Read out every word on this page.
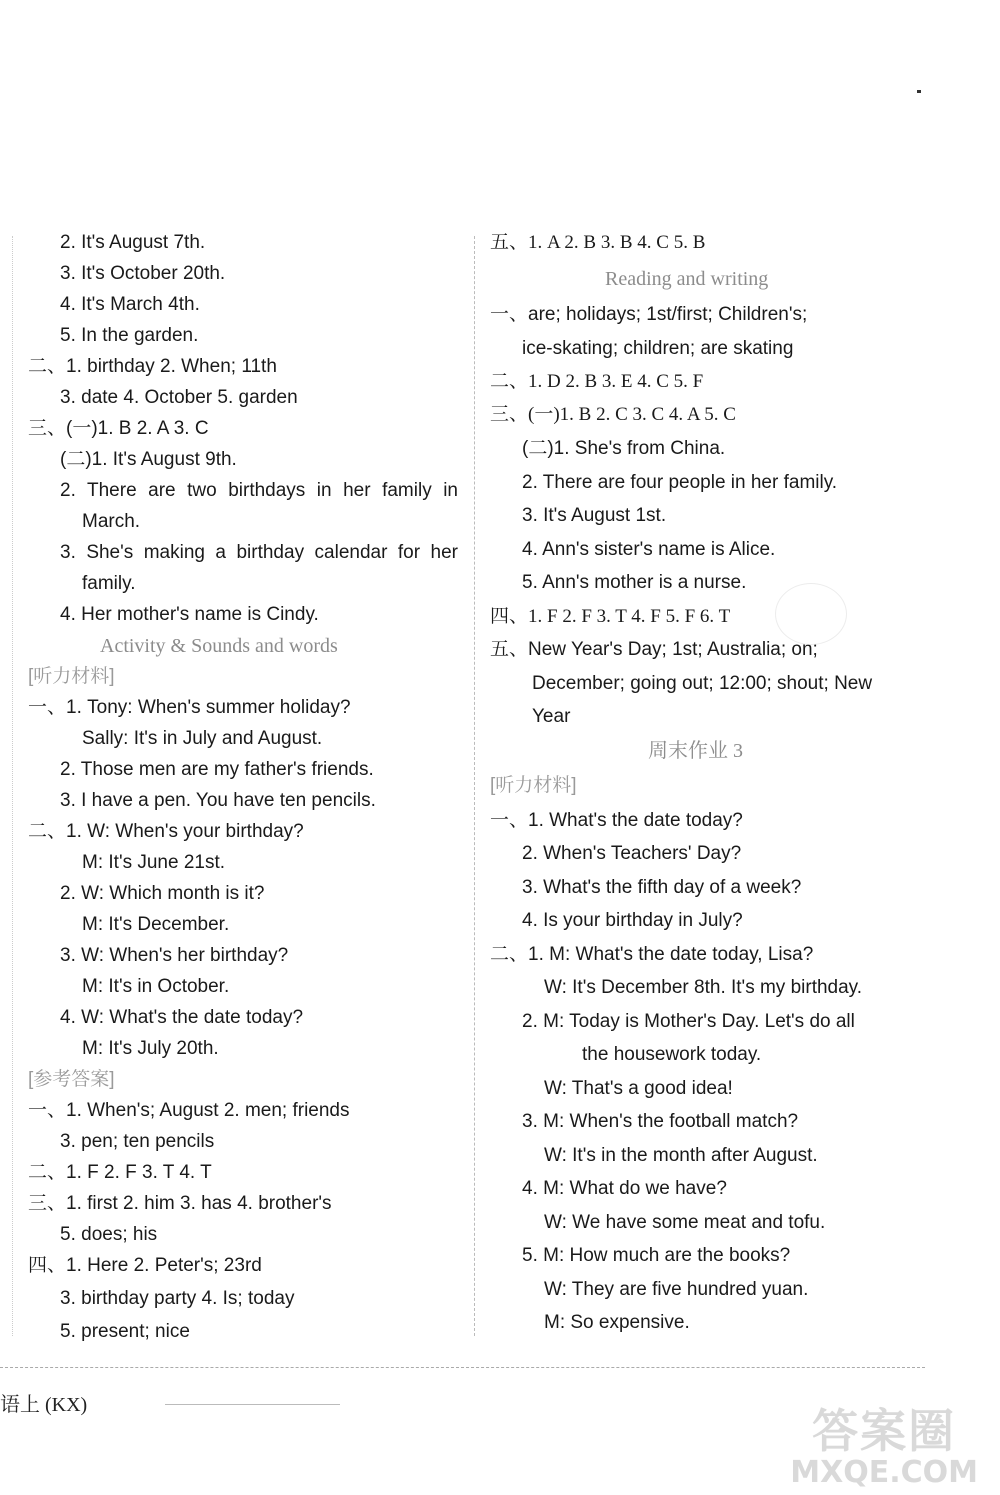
2. It's August 7th.
3. It's October 20th.
4. It's March 4th.
5. In the garden.
二、1. birthday 2. When; 11th
3. date 4. October 5. garden
三、(一)1. B 2. A 3. C
(二)1. It's August 9th.
2. There are two birthdays in her family in
March.
3. She's making a birthday calendar for her
family.
4. Her mother's name is Cindy.
Activity & Sounds and words
[听力材料]
一、1. Tony: When's summer holiday?
Sally: It's in July and August.
2. Those men are my father's friends.
3. I have a pen. You have ten pencils.
二、1. W: When's your birthday?
M: It's June 21st.
2. W: Which month is it?
M: It's December.
3. W: When's her birthday?
M: It's in October.
4. W: What's the date today?
M: It's July 20th.
[参考答案]
一、1. When's; August 2. men; friends
3. pen; ten pencils
二、1. F 2. F 3. T 4. T
三、1. first 2. him 3. has 4. brother's
5. does; his
四、1. Here 2. Peter's; 23rd
3. birthday party 4. Is; today
5. present; nice
五、1. A 2. B 3. B 4. C 5. B
Reading and writing
一、are; holidays; 1st/first; Children's;
ice-skating; children; are skating
二、1. D 2. B 3. E 4. C 5. F
三、(一)1. B 2. C 3. C 4. A 5. C
(二)1. She's from China.
2. There are four people in her family.
3. It's August 1st.
4. Ann's sister's name is Alice.
5. Ann's mother is a nurse.
四、1. F 2. F 3. T 4. F 5. F 6. T
五、New Year's Day; 1st; Australia; on;
December; going out; 12:00; shout; New
Year
周末作业 3
[听力材料]
一、1. What's the date today?
2. When's Teachers' Day?
3. What's the fifth day of a week?
4. Is your birthday in July?
二、1. M: What's the date today, Lisa?
W: It's December 8th. It's my birthday.
2. M: Today is Mother's Day. Let's do all
the housework today.
W: That's a good idea!
3. M: When's the football match?
W: It's in the month after August.
4. M: What do we have?
W: We have some meat and tofu.
5. M: How much are the books?
W: They are five hundred yuan.
M: So expensive.
语上 (KX)	答案圈
MXQE.COM
